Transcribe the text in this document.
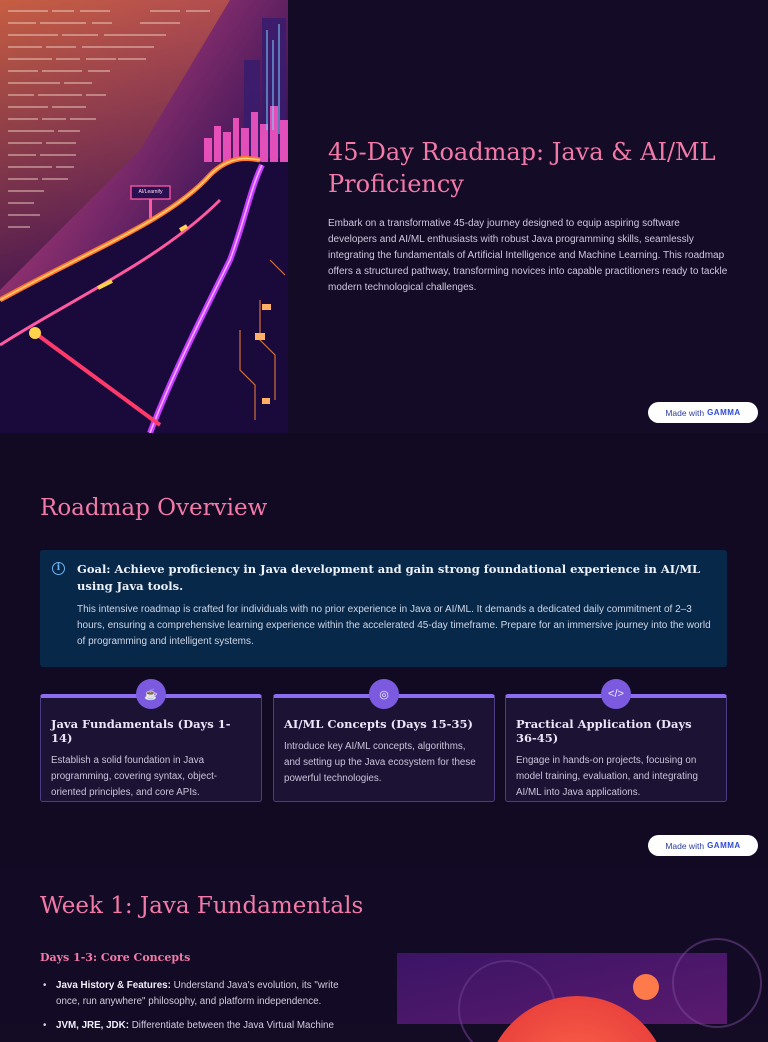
AI/Learnify
45-Day Roadmap: Java & AI/ML Proficiency

Embark on a transformative 45-day journey designed to equip aspiring software developers and AI/ML enthusiasts with robust Java programming skills, seamlessly integrating the fundamentals of Artificial Intelligence and Machine Learning. This roadmap offers a structured pathway, transforming novices into capable practitioners ready to tackle modern technological challenges.

Made with GAMMA
Roadmap Overview
i	Goal: Achieve proficiency in Java development and gain strong foundational experience in AI/ML using Java tools.
This intensive roadmap is crafted for individuals with no prior experience in Java or AI/ML. It demands a dedicated daily commitment of 2–3 hours, ensuring a comprehensive learning experience within the accelerated 45-day timeframe. Prepare for an immersive journey into the world of programming and intelligent systems.
☕
Java Fundamentals (Days 1-14)
Establish a solid foundation in Java programming, covering syntax, object-oriented principles, and core APIs.
◎
AI/ML Concepts (Days 15-35)
Introduce key AI/ML concepts, algorithms, and setting up the Java ecosystem for these powerful technologies.
</>
Practical Application (Days 36-45)
Engage in hands-on projects, focusing on model training, evaluation, and integrating AI/ML into Java applications.
Made with GAMMA
Week 1: Java Fundamentals
Days 1-3: Core Concepts
• Java History & Features: Understand Java's evolution, its "write once, run anywhere" philosophy, and platform independence.
• JVM, JRE, JDK: Differentiate between the Java Virtual Machine
